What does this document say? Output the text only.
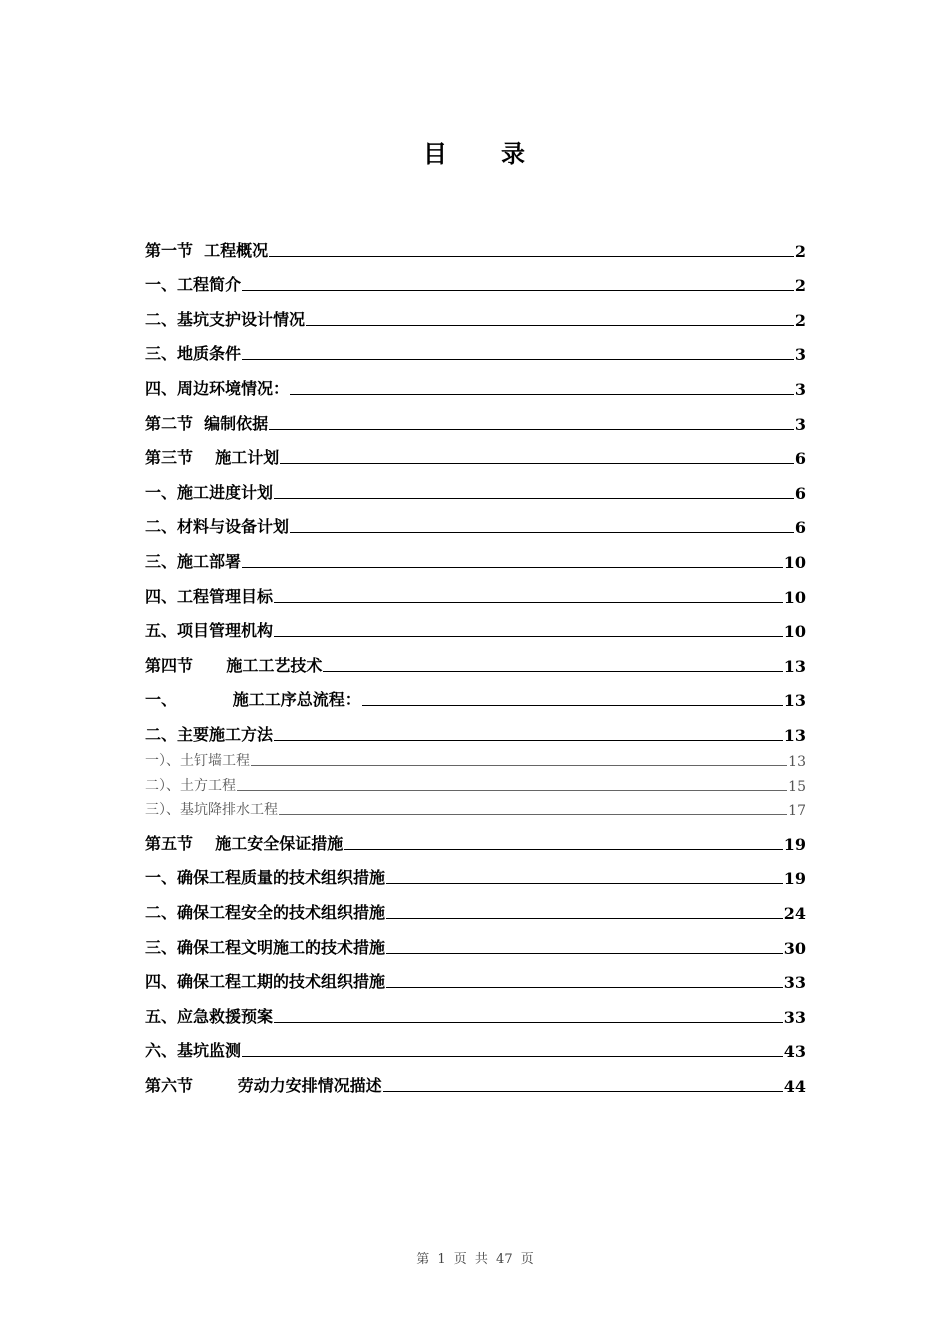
目 录
第一节  工程概况	2
一、工程简介	2
二、基坑支护设计情况	2
三、地质条件	3
四、周边环境情况：	3
第二节  编制依据	3
第三节    施工计划	6
一、施工进度计划	6
二、材料与设备计划	6
三、施工部署	10
四、工程管理目标	10
五、项目管理机构	10
第四节      施工工艺技术	13
一、          施工工序总流程：	13
二、主要施工方法	13
一）、土钉墙工程	13
二）、土方工程	15
三）、基坑降排水工程	17
第五节    施工安全保证措施	19
一、确保工程质量的技术组织措施	19
二、确保工程安全的技术组织措施	24
三、确保工程文明施工的技术措施	30
四、确保工程工期的技术组织措施	33
五、应急救援预案	33
六、基坑监测	43
第六节        劳动力安排情况描述	44
第 1 页 共 47 页
